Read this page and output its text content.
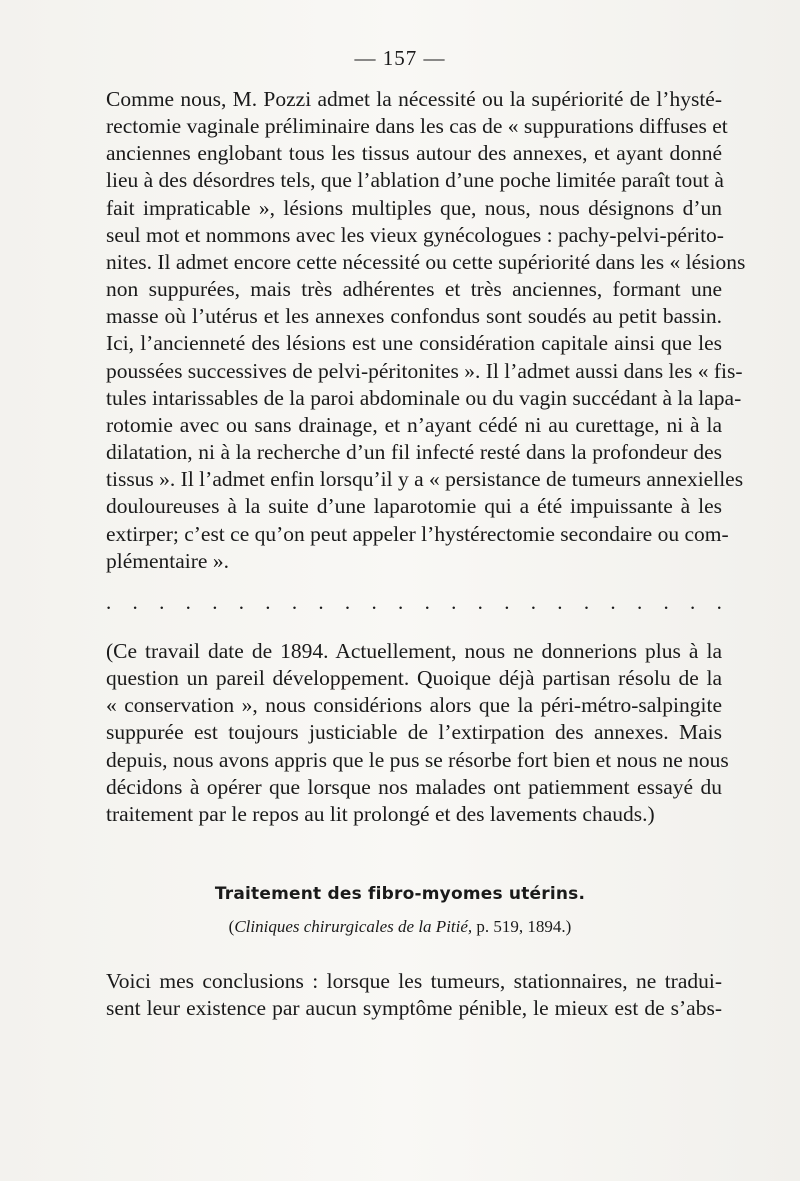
— 157 —
Comme nous, M. Pozzi admet la nécessité ou la supériorité de l’hysté-
rectomie vaginale préliminaire dans les cas de « suppurations diffuses et
anciennes englobant tous les tissus autour des annexes, et ayant donné
lieu à des désordres tels, que l’ablation d’une poche limitée paraît tout à
fait impraticable », lésions multiples que, nous, nous désignons d’un
seul mot et nommons avec les vieux gynécologues : pachy-pelvi-périto-
nites. Il admet encore cette nécessité ou cette supériorité dans les « lésions
non suppurées, mais très adhérentes et très anciennes, formant une
masse où l’utérus et les annexes confondus sont soudés au petit bassin.
Ici, l’ancienneté des lésions est une considération capitale ainsi que les
poussées successives de pelvi-péritonites ». Il l’admet aussi dans les « fis-
tules intarissables de la paroi abdominale ou du vagin succédant à la lapa-
rotomie avec ou sans drainage, et n’ayant cédé ni au curettage, ni à la
dilatation, ni à la recherche d’un fil infecté resté dans la profondeur des
tissus ». Il l’admet enfin lorsqu’il y a « persistance de tumeurs annexielles
douloureuses à la suite d’une laparotomie qui a été impuissante à les
extirper; c’est ce qu’on peut appeler l’hystérectomie secondaire ou com-
plémentaire ».
. . . . . . . . . . . . . . . . . . . . . . . .
(Ce travail date de 1894. Actuellement, nous ne donnerions plus à la
question un pareil développement. Quoique déjà partisan résolu de la
« conservation », nous considérions alors que la péri-métro-salpingite
suppurée est toujours justiciable de l’extirpation des annexes. Mais
depuis, nous avons appris que le pus se résorbe fort bien et nous ne nous
décidons à opérer que lorsque nos malades ont patiemment essayé du
traitement par le repos au lit prolongé et des lavements chauds.)
Traitement des fibro-myomes utérins.
(Cliniques chirurgicales de la Pitié, p. 519, 1894.)
Voici mes conclusions : lorsque les tumeurs, stationnaires, ne tradui-
sent leur existence par aucun symptôme pénible, le mieux est de s’abs-
